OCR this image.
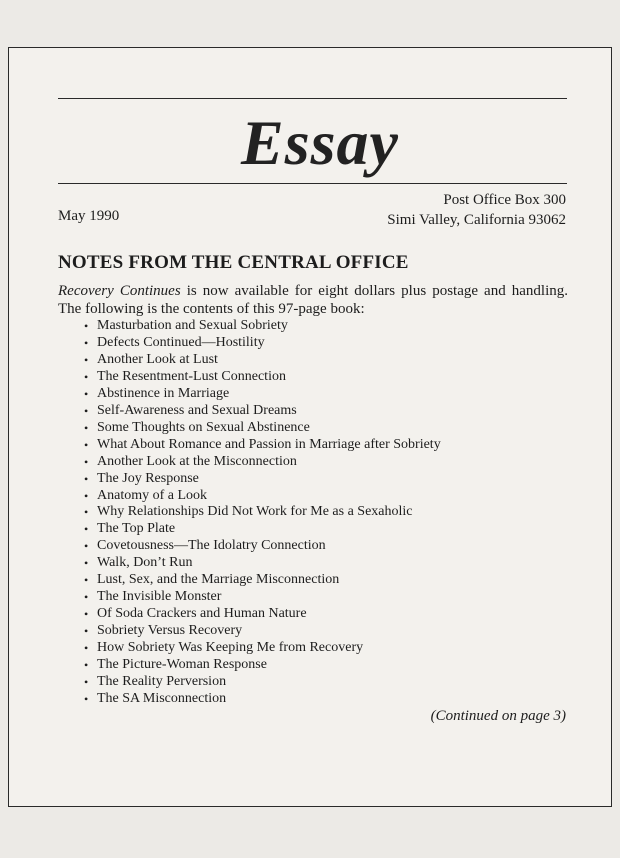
Essay
Post Office Box 300
Simi Valley, California 93062
May 1990
NOTES FROM THE CENTRAL OFFICE
Recovery Continues is now available for eight dollars plus postage and handling. The following is the contents of this 97-page book:
• Masturbation and Sexual Sobriety
• Defects Continued—Hostility
• Another Look at Lust
• The Resentment-Lust Connection
• Abstinence in Marriage
• Self-Awareness and Sexual Dreams
• Some Thoughts on Sexual Abstinence
• What About Romance and Passion in Marriage after Sobriety
• Another Look at the Misconnection
• The Joy Response
• Anatomy of a Look
• Why Relationships Did Not Work for Me as a Sexaholic
• The Top Plate
• Covetousness—The Idolatry Connection
• Walk, Don’t Run
• Lust, Sex, and the Marriage Misconnection
• The Invisible Monster
• Of Soda Crackers and Human Nature
• Sobriety Versus Recovery
• How Sobriety Was Keeping Me from Recovery
• The Picture-Woman Response
• The Reality Perversion
• The SA Misconnection
(Continued on page 3)
